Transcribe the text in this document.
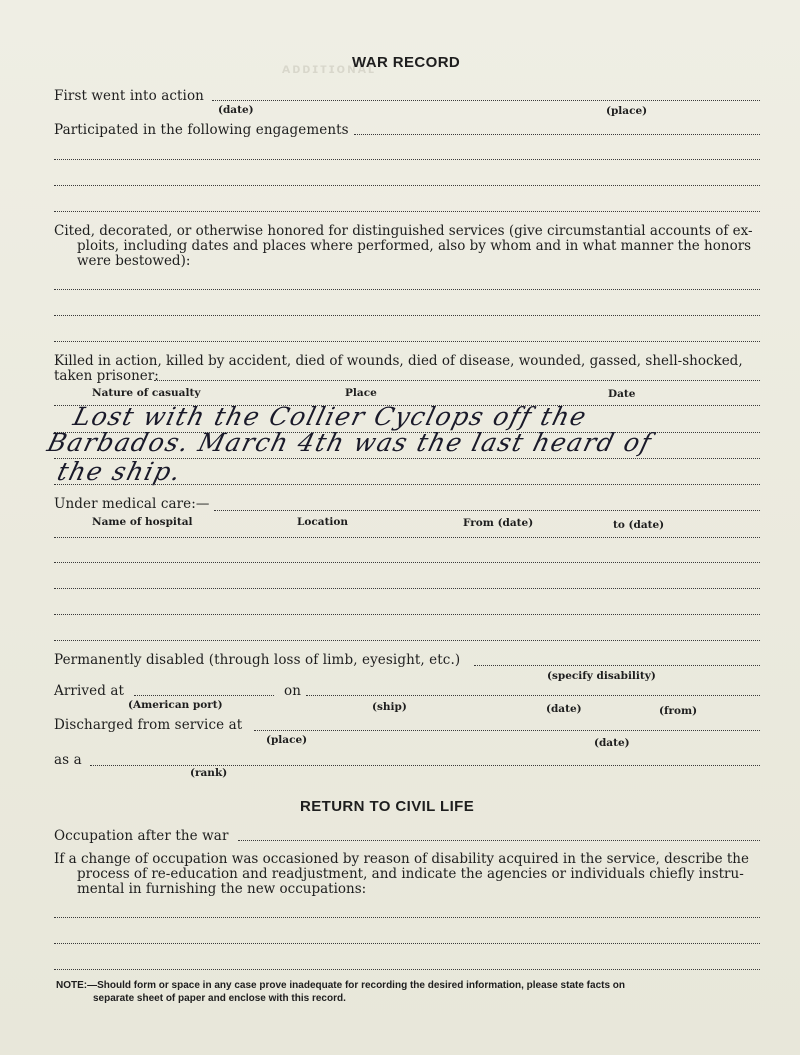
ᴀᴅᴅɪᴛɪᴏɴᴀʟ
WAR RECORD
First went into action
(date)	(place)
Participated in the following engagements
Cited, decorated, or otherwise honored for distinguished services (give circumstantial accounts of ex-
ploits, including dates and places where performed, also by whom and in what manner the honors
were bestowed):
Killed in action, killed by accident, died of wounds, died of disease, wounded, gassed, shell-shocked,
taken prisoner:
Nature of casualty	Place	Date
Lost with the Collier Cyclops off the
Barbados. March 4th was the last heard of
the ship.
Under medical care:—
Name of hospital	Location	From (date)	to (date)
Permanently disabled (through loss of limb, eyesight, etc.)
(specify disability)
Arrived at	on
(American port)	(ship)	(date)	(from)
Discharged from service at
(place)	(date)
as a
(rank)
RETURN TO CIVIL LIFE
Occupation after the war
If a change of occupation was occasioned by reason of disability acquired in the service, describe the
process of re-education and readjustment, and indicate the agencies or individuals chiefly instru-
mental in furnishing the new occupations:
NOTE:—Should form or space in any case prove inadequate for recording the desired information, please state facts on
separate sheet of paper and enclose with this record.
